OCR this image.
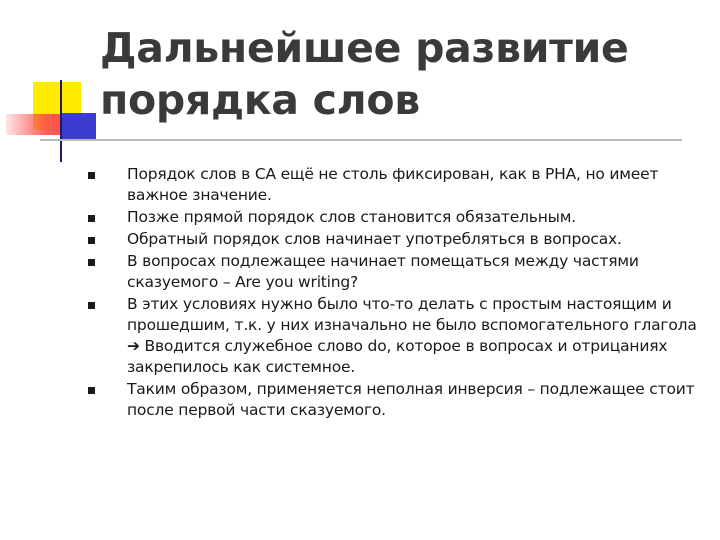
Дальнейшее развитие
порядка слов
Порядок слов в СА ещё не столь фиксирован, как в РНА, но имеет важное значение.
Позже прямой порядок слов становится обязательным.
Обратный порядок слов начинает употребляться в вопросах.
В вопросах подлежащее начинает помещаться между частями сказуемого – Are you writing?
В этих условиях нужно было что-то делать с простым настоящим и прошедшим, т.к. у них изначально не было вспомогательного глагола ➔ Вводится служебное слово do, которое в вопросах и отрицаниях закрепилось как системное.
Таким образом, применяется неполная инверсия – подлежащее стоит после первой части сказуемого.
